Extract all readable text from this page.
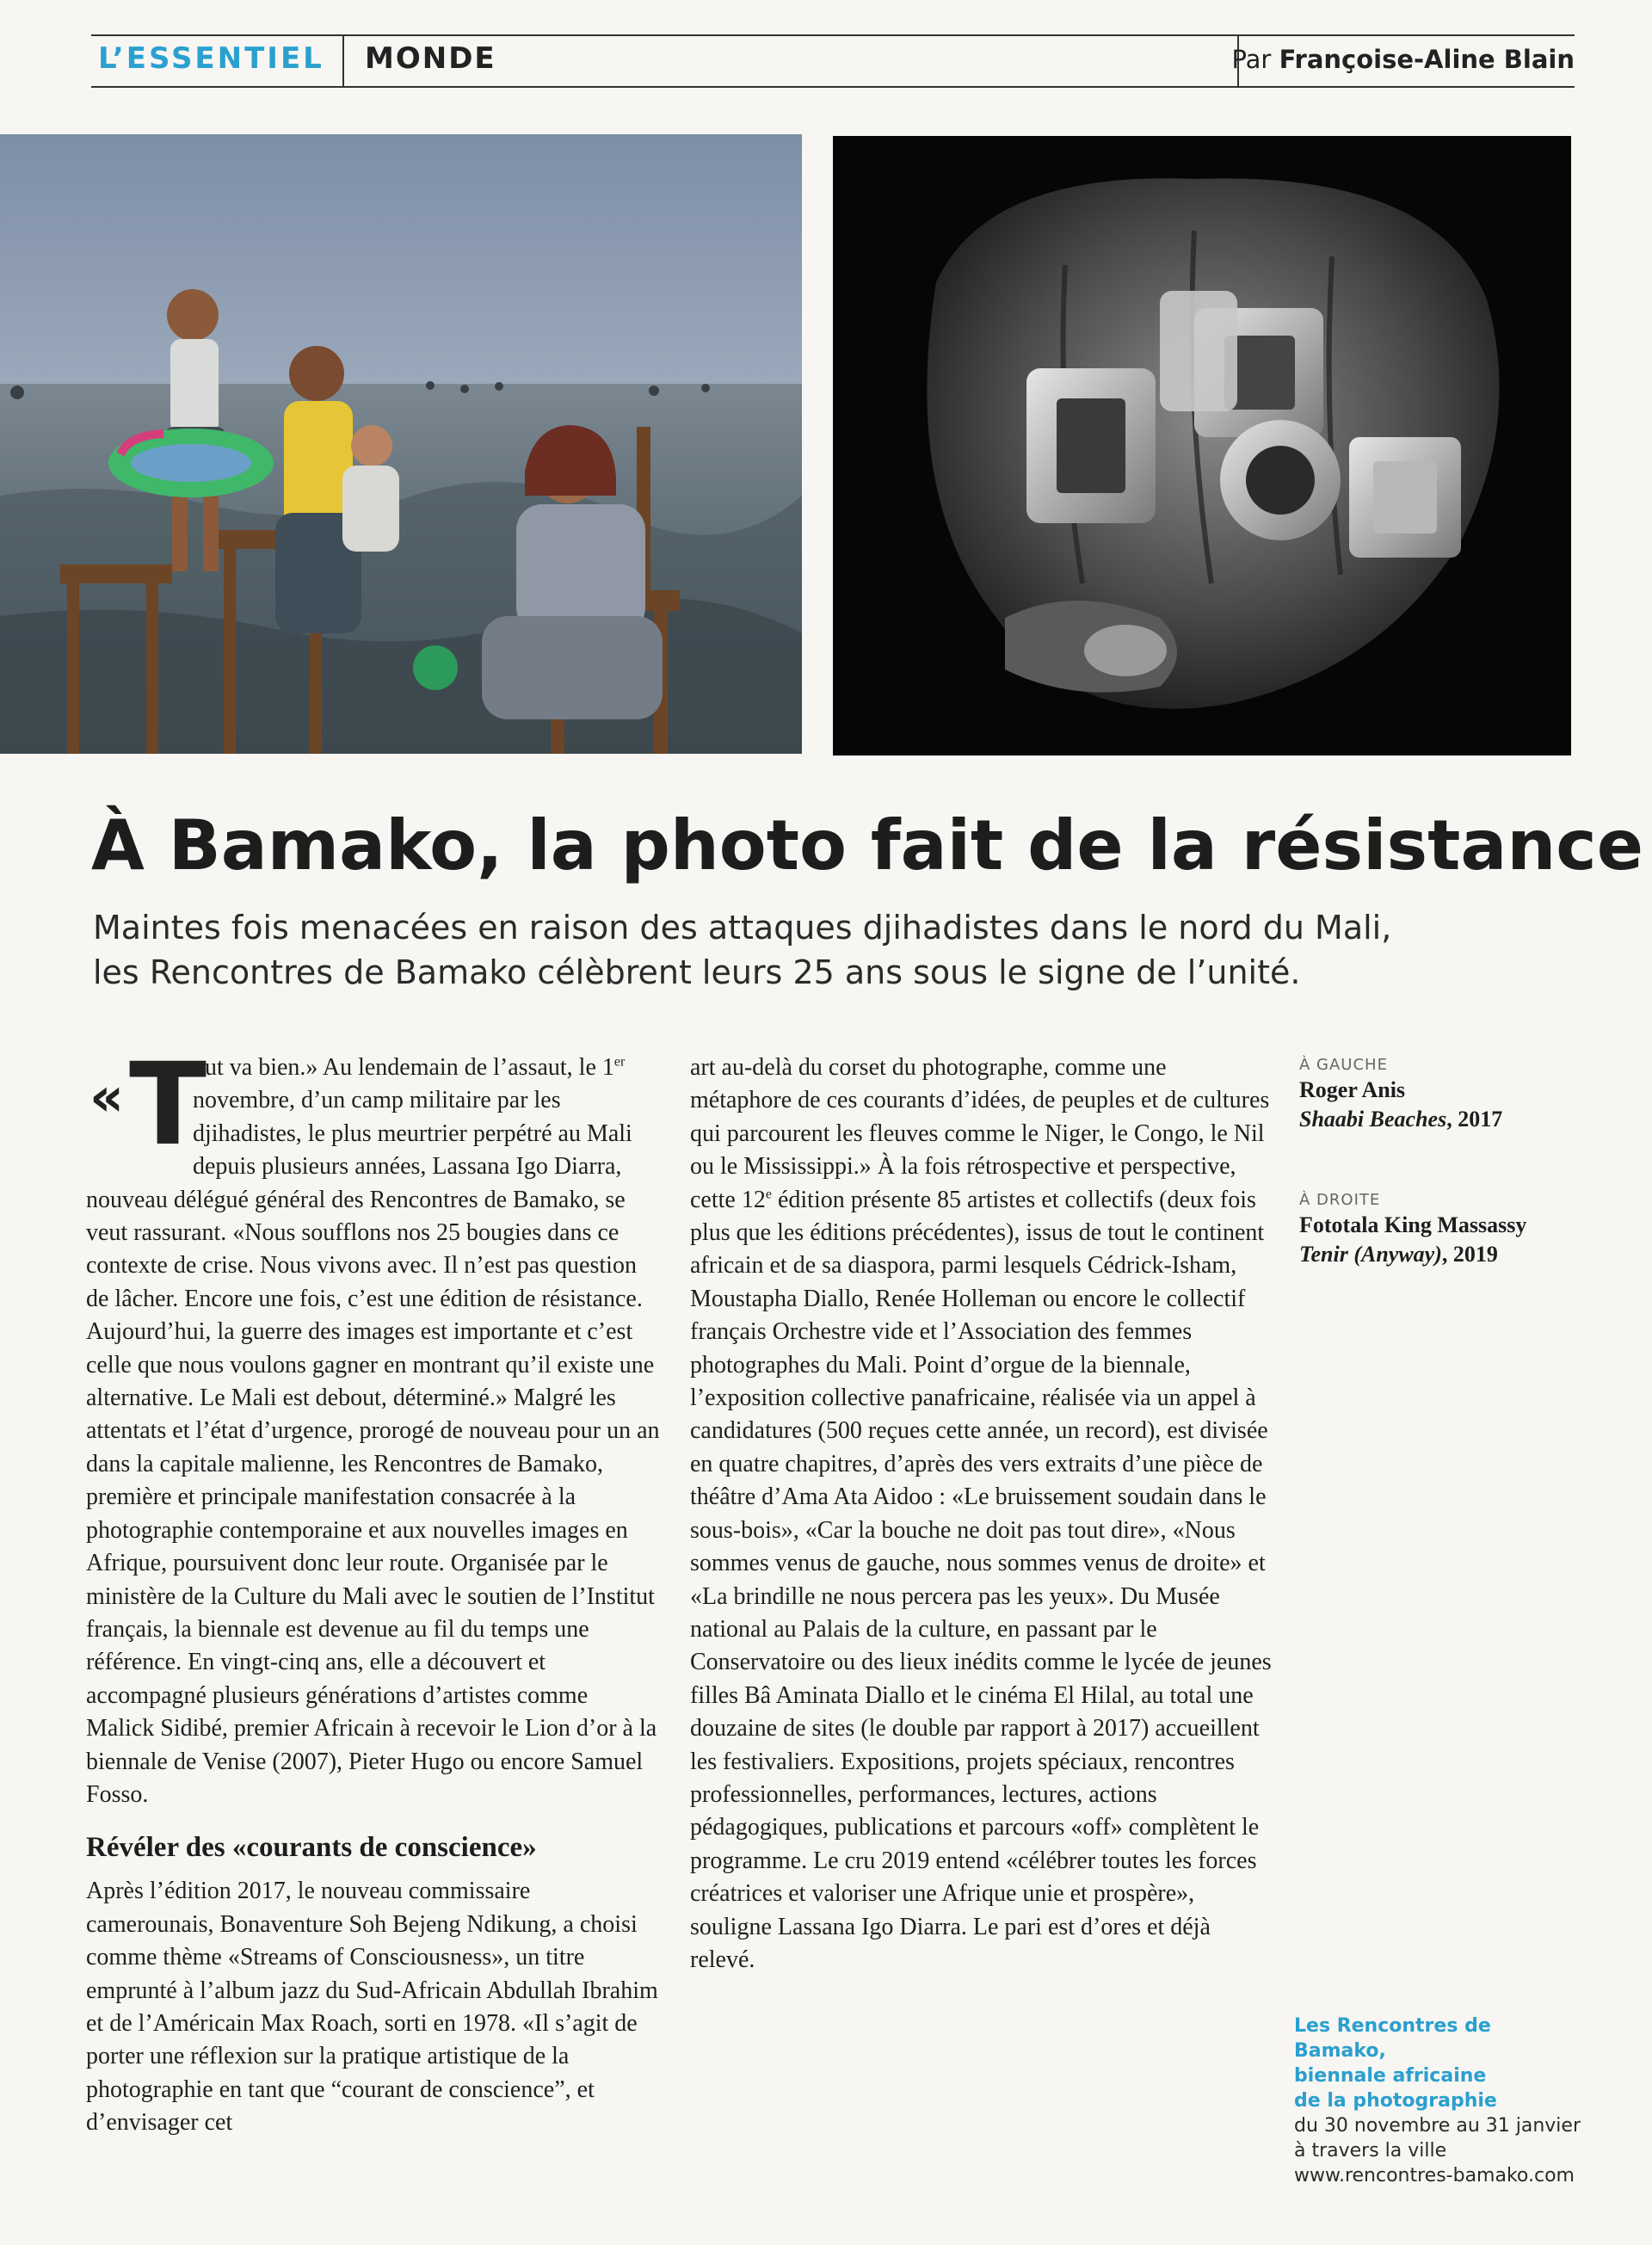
L’ESSENTIEL MONDE	Par Françoise-Aline Blain
À Bamako, la photo fait de la résistance

Maintes fois menacées en raison des attaques djihadistes dans le nord du Mali,
les Rencontres de Bamako célèbrent leurs 25 ans sous le signe de l’unité.

« T
out va bien.» Au lendemain de l’assaut, le 1er novembre, d’un camp militaire par les djihadistes, le plus meurtrier perpétré au Mali depuis plusieurs années, Lassana Igo Diarra, nouveau délégué général des Rencontres de Bamako, se veut rassurant. «Nous soufflons nos 25 bougies dans ce contexte de crise. Nous vivons avec. Il n’est pas question de lâcher. Encore une fois, c’est une édition de résistance. Aujourd’hui, la guerre des images est importante et c’est celle que nous voulons gagner en montrant qu’il existe une alternative. Le Mali est debout, déterminé.» Malgré les attentats et l’état d’urgence, prorogé de nouveau pour un an dans la capitale malienne, les Rencontres de Bamako, première et principale manifestation consacrée à la photographie contemporaine et aux nouvelles images en Afrique, poursuivent donc leur route. Organisée par le ministère de la Culture du Mali avec le soutien de l’Institut français, la biennale est devenue au fil du temps une référence. En vingt-cinq ans, elle a découvert et accompagné plusieurs générations d’artistes comme Malick Sidibé, premier Africain à recevoir le Lion d’or à la biennale de Venise (2007), Pieter Hugo ou encore Samuel Fosso.

Révéler des «courants de conscience»

Après l’édition 2017, le nouveau commissaire camerounais, Bonaventure Soh Bejeng Ndikung, a choisi comme thème «Streams of Consciousness», un titre emprunté à l’album jazz du Sud-Africain Abdullah Ibrahim et de l’Américain Max Roach, sorti en 1978. «Il s’agit de porter une réflexion sur la pratique artistique de la photographie en tant que “courant de conscience”, et d’envisager cet

art au-delà du corset du photographe, comme une métaphore de ces courants d’idées, de peuples et de cultures qui parcourent les fleuves comme le Niger, le Congo, le Nil ou le Mississippi.» À la fois rétrospective et perspective, cette 12e édition présente 85 artistes et collectifs (deux fois plus que les éditions précédentes), issus de tout le continent africain et de sa diaspora, parmi lesquels Cédrick-Isham, Moustapha Diallo, Renée Holleman ou encore le collectif français Orchestre vide et l’Association des femmes photographes du Mali. Point d’orgue de la biennale, l’exposition collective panafricaine, réalisée via un appel à candidatures (500 reçues cette année, un record), est divisée en quatre chapitres, d’après des vers extraits d’une pièce de théâtre d’Ama Ata Aidoo : «Le bruissement soudain dans le sous-bois», «Car la bouche ne doit pas tout dire», «Nous sommes venus de gauche, nous sommes venus de droite» et «La brindille ne nous percera pas les yeux». Du Musée national au Palais de la culture, en passant par le Conservatoire ou des lieux inédits comme le lycée de jeunes filles Bâ Aminata Diallo et le cinéma El Hilal, au total une douzaine de sites (le double par rapport à 2017) accueillent les festivaliers. Expositions, projets spéciaux, rencontres professionnelles, performances, lectures, actions pédagogiques, publications et parcours «off» complètent le programme. Le cru 2019 entend «célébrer toutes les forces créatrices et valoriser une Afrique unie et prospère», souligne Lassana Igo Diarra. Le pari est d’ores et déjà relevé.

À GAUCHE
Roger Anis
Shaabi Beaches, 2017
À DROITE
Fototala King Massassy
Tenir (Anyway), 2019
Les Rencontres de Bamako,
biennale africaine
de la photographie
du 30 novembre au 31 janvier
à travers la ville
www.rencontres-bamako.com
